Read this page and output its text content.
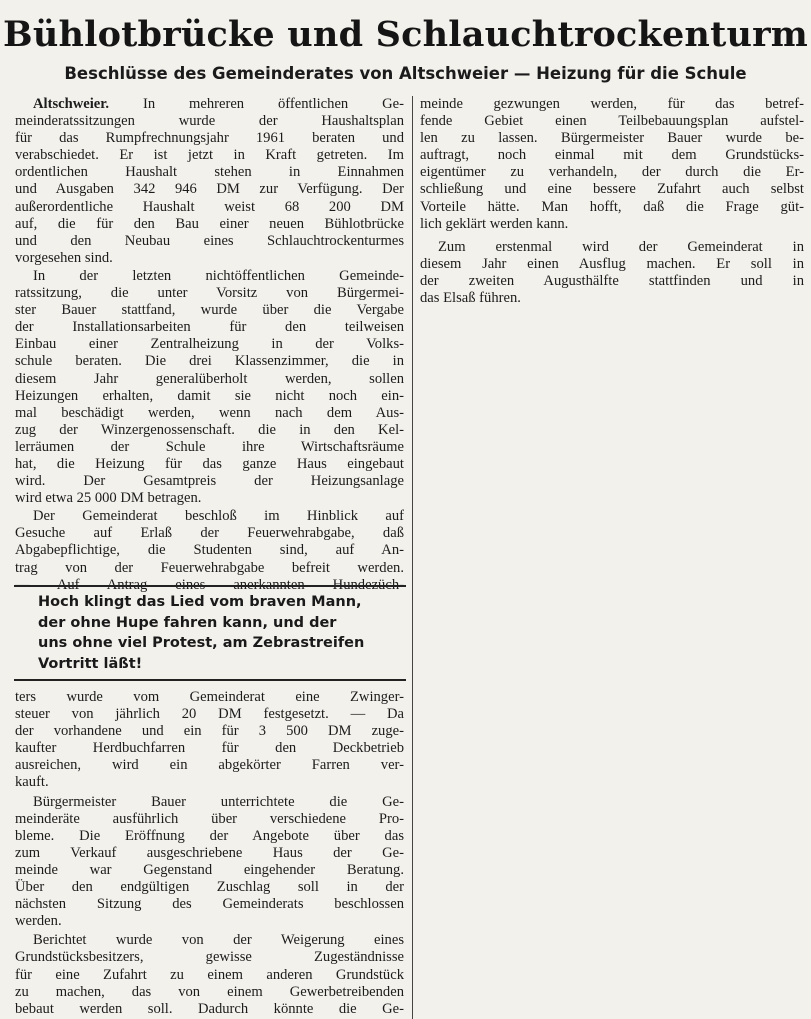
Bühlotbrücke und Schlauchtrockenturm
Beschlüsse des Gemeinderates von Altschweier — Heizung für die Schule
Altschweier. In mehreren öffentlichen Ge-
meinderatssitzungen wurde der Haushaltsplan
für das Rumpfrechnungsjahr 1961 beraten und
verabschiedet. Er ist jetzt in Kraft getreten. Im
ordentlichen Haushalt stehen in Einnahmen
und Ausgaben 342 946 DM zur Verfügung. Der
außerordentliche Haushalt weist 68 200 DM
auf, die für den Bau einer neuen Bühlotbrücke
und den Neubau eines Schlauchtrockenturmes
vorgesehen sind.
In der letzten nichtöffentlichen Gemeinde-
ratssitzung, die unter Vorsitz von Bürgermei-
ster Bauer stattfand, wurde über die Vergabe
der Installationsarbeiten für den teilweisen
Einbau einer Zentralheizung in der Volks-
schule beraten. Die drei Klassenzimmer, die in
diesem Jahr generalüberholt werden, sollen
Heizungen erhalten, damit sie nicht noch ein-
mal beschädigt werden, wenn nach dem Aus-
zug der Winzergenossenschaft. die in den Kel-
lerräumen der Schule ihre Wirtschaftsräume
hat, die Heizung für das ganze Haus eingebaut
wird. Der Gesamtpreis der Heizungsanlage
wird etwa 25 000 DM betragen.
Der Gemeinderat beschloß im Hinblick auf
Gesuche auf Erlaß der Feuerwehrabgabe, daß
Abgabepflichtige, die Studenten sind, auf An-
trag von der Feuerwehrabgabe befreit werden.
Hoch klingt das Lied vom braven Mann,
der ohne Hupe fahren kann, und der
uns ohne viel Protest, am Zebrastreifen
Vortritt läßt!
ters wurde vom Gemeinderat eine Zwinger-
steuer von jährlich 20 DM festgesetzt. — Da
der vorhandene und ein für 3 500 DM zuge-
kaufter Herdbuchfarren für den Deckbetrieb
ausreichen, wird ein abgekörter Farren ver-
kauft.
Bürgermeister Bauer unterrichtete die Ge-
meinderäte ausführlich über verschiedene Pro-
bleme. Die Eröffnung der Angebote über das
zum Verkauf ausgeschriebene Haus der Ge-
meinde war Gegenstand eingehender Beratung.
Über den endgültigen Zuschlag soll in der
nächsten Sitzung des Gemeinderats beschlossen
werden.
Berichtet wurde von der Weigerung eines
Grundstücksbesitzers, gewisse Zugeständnisse
für eine Zufahrt zu einem anderen Grundstück
zu machen, das von einem Gewerbetreibenden
bebaut werden soll. Dadurch könnte die Ge-
meinde gezwungen werden, für das betref-
fende Gebiet einen Teilbebauungsplan aufstel-
len zu lassen. Bürgermeister Bauer wurde be-
auftragt, noch einmal mit dem Grundstücks-
eigentümer zu verhandeln, der durch die Er-
schließung und eine bessere Zufahrt auch selbst
Vorteile hätte. Man hofft, daß die Frage güt-
lich geklärt werden kann.
Zum erstenmal wird der Gemeinderat in
diesem Jahr einen Ausflug machen. Er soll in
der zweiten Augusthälfte stattfinden und in
das Elsaß führen.
